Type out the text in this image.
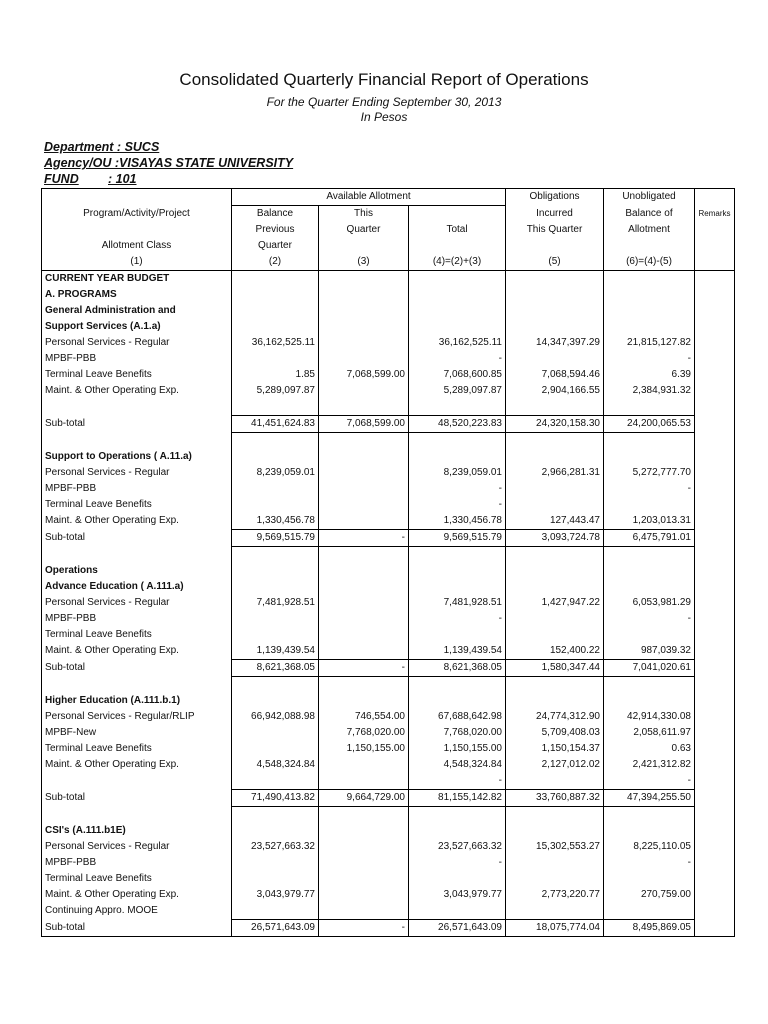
Consolidated Quarterly Financial Report of Operations
For the Quarter Ending September 30, 2013
In Pesos
Department : SUCS
Agency/OU :VISAYAS STATE UNIVERSITY
FUND : 101
	Available Allotment			Obligations	Unobligated	
Program/Activity/Project	Balance	This		Incurred	Balance of	Remarks
	Previous	Quarter	Total	This Quarter	Allotment	
Allotment Class	Quarter					
(1)	(2)	(3)	(4)=(2)+(3)	(5)	(6)=(4)-(5)	
CURRENT YEAR BUDGET						
A. PROGRAMS						
General Administration and						
Support Services (A.1.a)						
Personal Services - Regular	36,162,525.11		36,162,525.11	14,347,397.29	21,815,127.82	
MPBF-PBB			-		-	
Terminal Leave Benefits	1.85	7,068,599.00	7,068,600.85	7,068,594.46	6.39	
Maint. & Other Operating Exp.	5,289,097.87		5,289,097.87	2,904,166.55	2,384,931.32	

Sub-total	41,451,624.83	7,068,599.00	48,520,223.83	24,320,158.30	24,200,065.53	

Support to Operations ( A.11.a)						
Personal Services - Regular	8,239,059.01		8,239,059.01	2,966,281.31	5,272,777.70	
MPBF-PBB			-		-	
Terminal Leave Benefits			-			
Maint. & Other Operating Exp.	1,330,456.78		1,330,456.78	127,443.47	1,203,013.31	
Sub-total	9,569,515.79	-	9,569,515.79	3,093,724.78	6,475,791.01	

Operations						
Advance Education ( A.111.a)						
Personal Services - Regular	7,481,928.51		7,481,928.51	1,427,947.22	6,053,981.29	
MPBF-PBB			-		-	
Terminal Leave Benefits						
Maint. & Other Operating Exp.	1,139,439.54		1,139,439.54	152,400.22	987,039.32	
Sub-total	8,621,368.05	-	8,621,368.05	1,580,347.44	7,041,020.61	

Higher Education (A.111.b.1)						
Personal Services - Regular/RLIP	66,942,088.98	746,554.00	67,688,642.98	24,774,312.90	42,914,330.08	
MPBF-New		7,768,020.00	7,768,020.00	5,709,408.03	2,058,611.97	
Terminal Leave Benefits		1,150,155.00	1,150,155.00	1,150,154.37	0.63	
Maint. & Other Operating Exp.	4,548,324.84		4,548,324.84	2,127,012.02	2,421,312.82	
			-		-	
Sub-total	71,490,413.82	9,664,729.00	81,155,142.82	33,760,887.32	47,394,255.50	

CSI's (A.111.b1E)						
Personal Services - Regular	23,527,663.32		23,527,663.32	15,302,553.27	8,225,110.05	
MPBF-PBB			-		-	
Terminal Leave Benefits						
Maint. & Other Operating Exp.	3,043,979.77		3,043,979.77	2,773,220.77	270,759.00	
Continuing Appro. MOOE						
Sub-total	26,571,643.09	-	26,571,643.09	18,075,774.04	8,495,869.05	
